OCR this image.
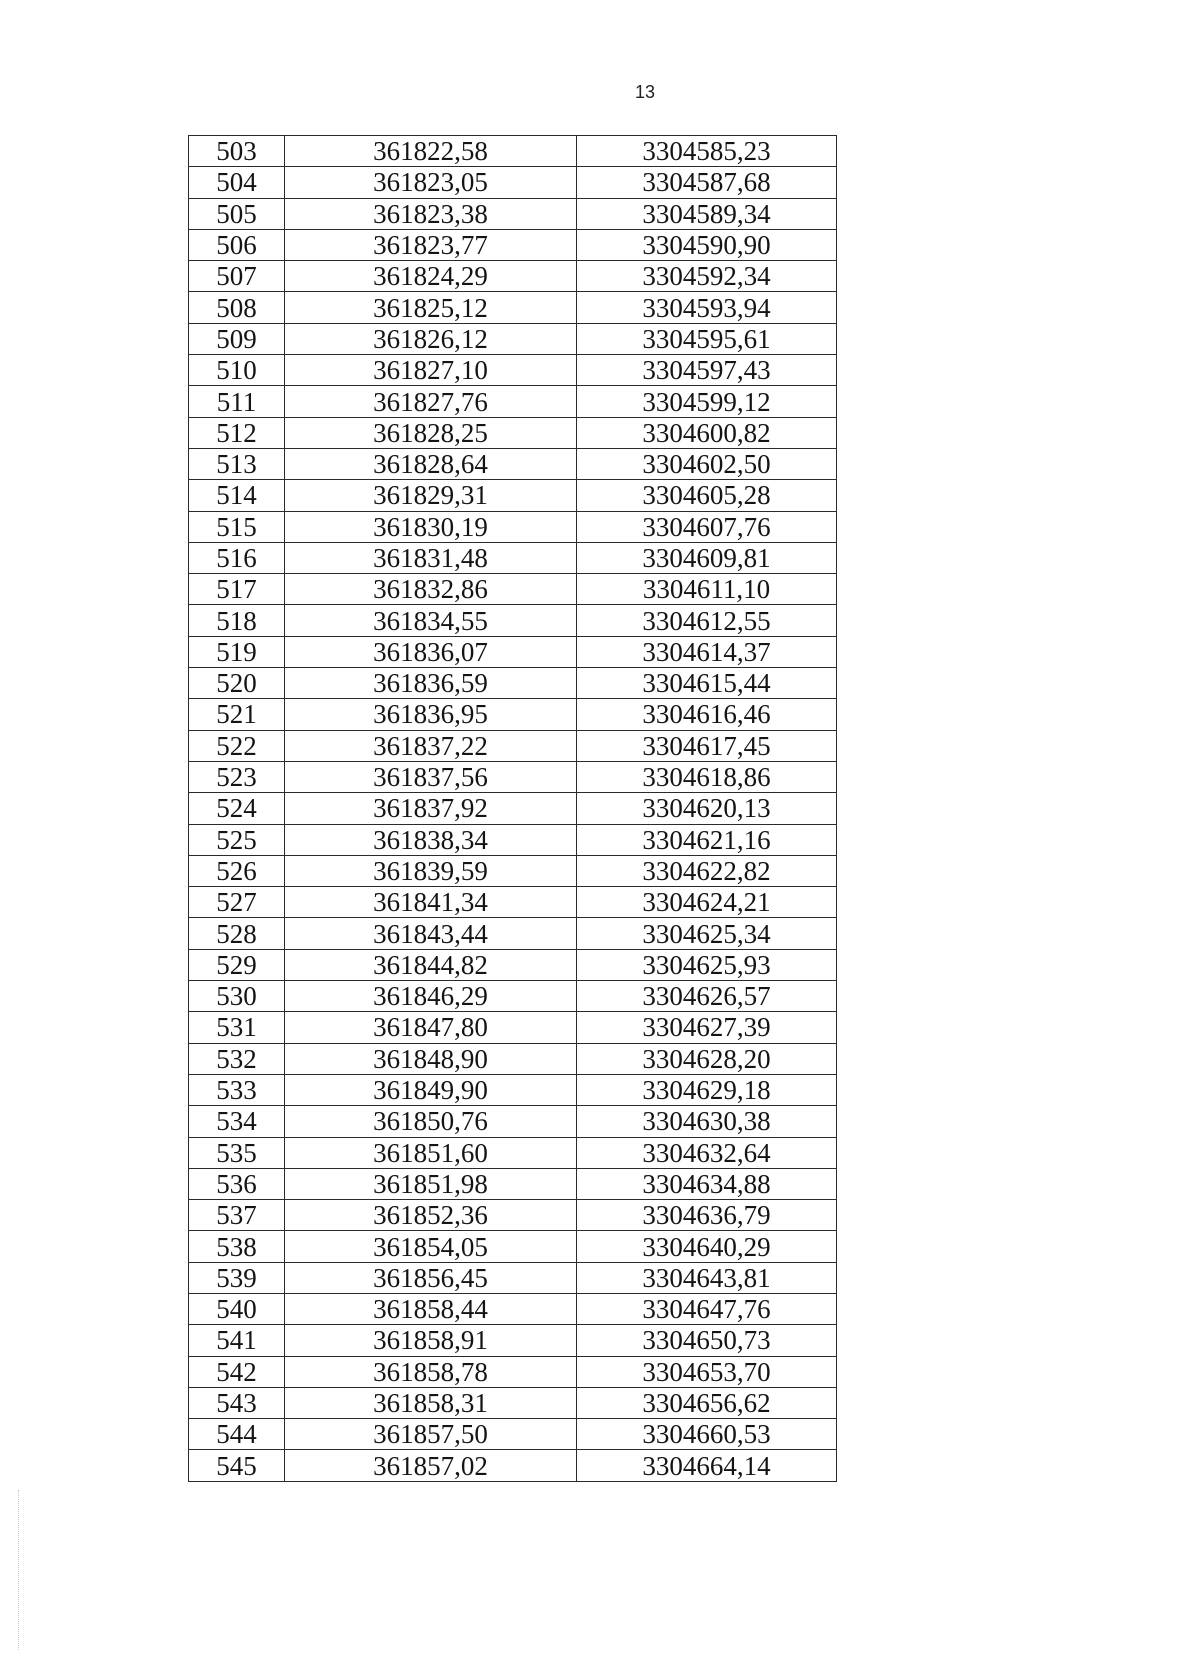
13
503	361822,58	3304585,23
504	361823,05	3304587,68
505	361823,38	3304589,34
506	361823,77	3304590,90
507	361824,29	3304592,34
508	361825,12	3304593,94
509	361826,12	3304595,61
510	361827,10	3304597,43
511	361827,76	3304599,12
512	361828,25	3304600,82
513	361828,64	3304602,50
514	361829,31	3304605,28
515	361830,19	3304607,76
516	361831,48	3304609,81
517	361832,86	3304611,10
518	361834,55	3304612,55
519	361836,07	3304614,37
520	361836,59	3304615,44
521	361836,95	3304616,46
522	361837,22	3304617,45
523	361837,56	3304618,86
524	361837,92	3304620,13
525	361838,34	3304621,16
526	361839,59	3304622,82
527	361841,34	3304624,21
528	361843,44	3304625,34
529	361844,82	3304625,93
530	361846,29	3304626,57
531	361847,80	3304627,39
532	361848,90	3304628,20
533	361849,90	3304629,18
534	361850,76	3304630,38
535	361851,60	3304632,64
536	361851,98	3304634,88
537	361852,36	3304636,79
538	361854,05	3304640,29
539	361856,45	3304643,81
540	361858,44	3304647,76
541	361858,91	3304650,73
542	361858,78	3304653,70
543	361858,31	3304656,62
544	361857,50	3304660,53
545	361857,02	3304664,14
